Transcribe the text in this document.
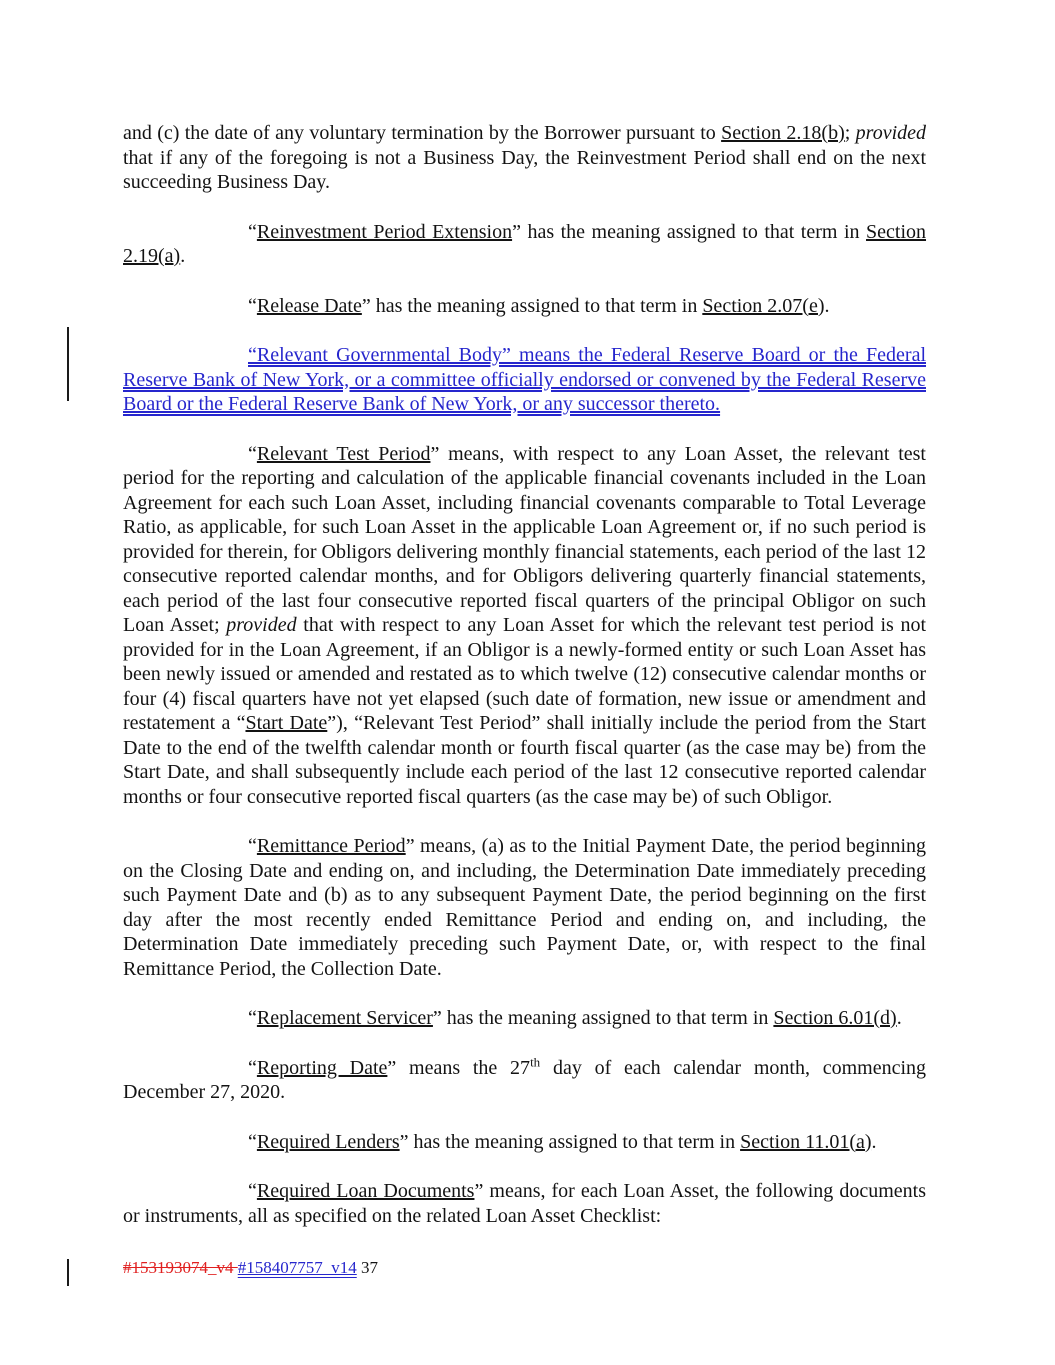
and (c) the date of any voluntary termination by the Borrower pursuant to Section 2.18(b); provided that if any of the foregoing is not a Business Day, the Reinvestment Period shall end on the next succeeding Business Day.

“Reinvestment Period Extension” has the meaning assigned to that term in Section 2.19(a).

“Release Date” has the meaning assigned to that term in Section 2.07(e).

“Relevant Governmental Body” means the Federal Reserve Board or the Federal Reserve Bank of New York, or a committee officially endorsed or convened by the Federal Reserve Board or the Federal Reserve Bank of New York, or any successor thereto.

“Relevant Test Period” means, with respect to any Loan Asset, the relevant test period for the reporting and calculation of the applicable financial covenants included in the Loan Agreement for each such Loan Asset, including financial covenants comparable to Total Leverage Ratio, as applicable, for such Loan Asset in the applicable Loan Agreement or, if no such period is provided for therein, for Obligors delivering monthly financial statements, each period of the last 12 consecutive reported calendar months, and for Obligors delivering quarterly financial statements, each period of the last four consecutive reported fiscal quarters of the principal Obligor on such Loan Asset; provided that with respect to any Loan Asset for which the relevant test period is not provided for in the Loan Agreement, if an Obligor is a newly-formed entity or such Loan Asset has been newly issued or amended and restated as to which twelve (12) consecutive calendar months or four (4) fiscal quarters have not yet elapsed (such date of formation, new issue or amendment and restatement a “Start Date”), “Relevant Test Period” shall initially include the period from the Start Date to the end of the twelfth calendar month or fourth fiscal quarter (as the case may be) from the Start Date, and shall subsequently include each period of the last 12 consecutive reported calendar months or four consecutive reported fiscal quarters (as the case may be) of such Obligor.

“Remittance Period” means, (a) as to the Initial Payment Date, the period beginning on the Closing Date and ending on, and including, the Determination Date immediately preceding such Payment Date and (b) as to any subsequent Payment Date, the period beginning on the first day after the most recently ended Remittance Period and ending on, and including, the Determination Date immediately preceding such Payment Date, or, with respect to the final Remittance Period, the Collection Date.

“Replacement Servicer” has the meaning assigned to that term in Section 6.01(d).

“Reporting Date” means the 27th day of each calendar month, commencing December 27, 2020.

“Required Lenders” has the meaning assigned to that term in Section 11.01(a).

“Required Loan Documents” means, for each Loan Asset, the following documents or instruments, all as specified on the related Loan Asset Checklist:

#153193074_v4 #158407757_v14 37
